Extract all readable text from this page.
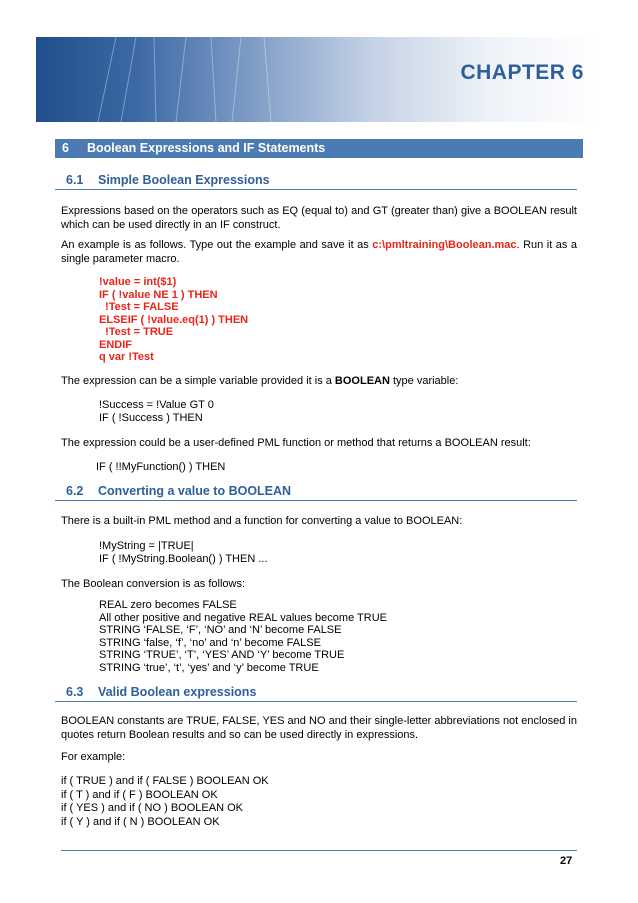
CHAPTER 6
6 Boolean Expressions and IF Statements
6.1 Simple Boolean Expressions
Expressions based on the operators such as EQ (equal to) and GT (greater than) give a BOOLEAN result which can be used directly in an IF construct.
An example is as follows. Type out the example and save it as c:\pmltraining\Boolean.mac. Run it as a single parameter macro.
!value = int($1)
IF ( !value NE 1 ) THEN
!Test = FALSE
ELSEIF ( !value.eq(1) ) THEN
!Test = TRUE
ENDIF
q var !Test
The expression can be a simple variable provided it is a BOOLEAN type variable:
!Success = !Value GT 0
IF ( !Success ) THEN
The expression could be a user-defined PML function or method that returns a BOOLEAN result:
IF ( !!MyFunction() ) THEN
6.2 Converting a value to BOOLEAN
There is a built-in PML method and a function for converting a value to BOOLEAN:
!MyString = |TRUE|
IF ( !MyString.Boolean() ) THEN ...
The Boolean conversion is as follows:
REAL zero becomes FALSE
All other positive and negative REAL values become TRUE
STRING ‘FALSE, ‘F’, ‘NO’ and ‘N’ become FALSE
STRING ‘false, ‘f’, ‘no’ and ‘n’ become FALSE
STRING ‘TRUE’, ‘T’, ‘YES’ AND ‘Y’ become TRUE
STRING ‘true’, ‘t’, ‘yes’ and ‘y’ become TRUE
6.3 Valid Boolean expressions
BOOLEAN constants are TRUE, FALSE, YES and NO and their single-letter abbreviations not enclosed in quotes return Boolean results and so can be used directly in expressions.
For example:
if ( TRUE ) and if ( FALSE ) BOOLEAN OK
if ( T ) and if ( F ) BOOLEAN OK
if ( YES ) and if ( NO ) BOOLEAN OK
if ( Y ) and if ( N ) BOOLEAN OK
27
